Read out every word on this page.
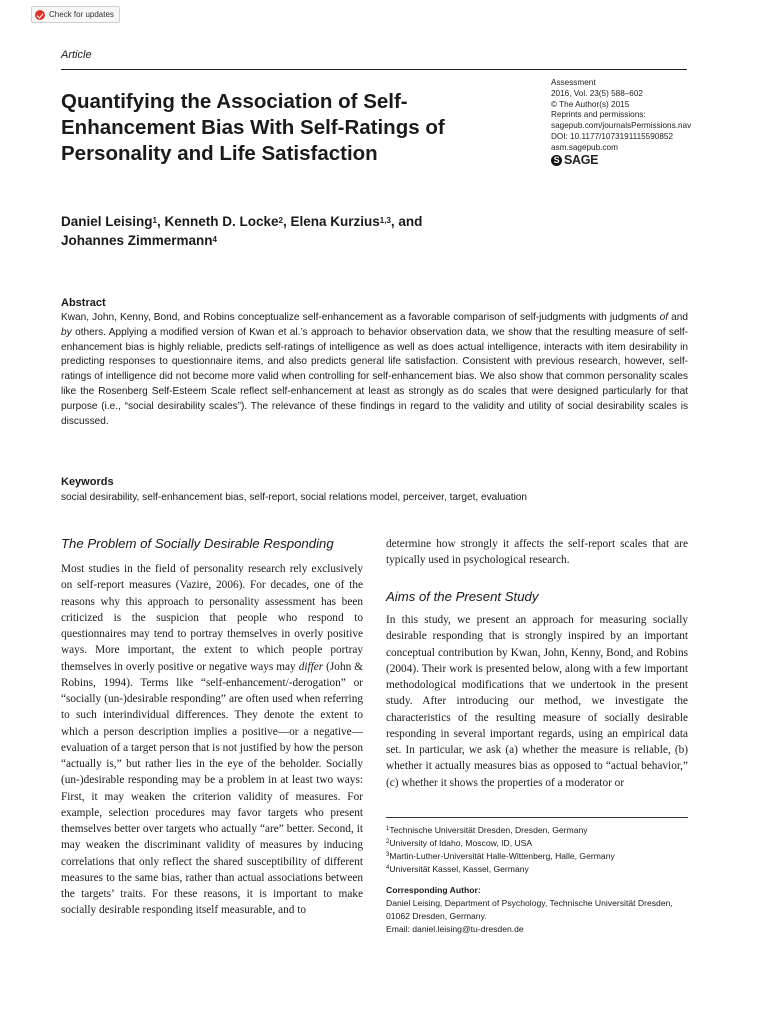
Check for updates
Article
Quantifying the Association of Self-Enhancement Bias With Self-Ratings of Personality and Life Satisfaction
Assessment
2016, Vol. 23(5) 588–602
© The Author(s) 2015
Reprints and permissions:
sagepub.com/journalsPermissions.nav
DOI: 10.1177/1073191115590852
asm.sagepub.com
S SAGE
Daniel Leising$^1$, Kenneth D. Locke$^2$, Elena Kurzius$^{1,3}$, and
Johannes Zimmermann$^4$
Abstract
Kwan, John, Kenny, Bond, and Robins conceptualize self-enhancement as a favorable comparison of self-judgments with judgments of and by others. Applying a modified version of Kwan et al.’s approach to behavior observation data, we show that the resulting measure of self-enhancement bias is highly reliable, predicts self-ratings of intelligence as well as does actual intelligence, interacts with item desirability in predicting responses to questionnaire items, and also predicts general life satisfaction. Consistent with previous research, however, self-ratings of intelligence did not become more valid when controlling for self-enhancement bias. We also show that common personality scales like the Rosenberg Self-Esteem Scale reflect self-enhancement at least as strongly as do scales that were designed particularly for that purpose (i.e., “social desirability scales”). The relevance of these findings in regard to the validity and utility of social desirability scales is discussed.
Keywords
social desirability, self-enhancement bias, self-report, social relations model, perceiver, target, evaluation
The Problem of Socially Desirable Responding

Most studies in the field of personality research rely exclusively on self-report measures (Vazire, 2006). For decades, one of the reasons why this approach to personality assessment has been criticized is the suspicion that people who respond to questionnaires may tend to portray themselves in overly positive ways. More important, the extent to which people portray themselves in overly positive or negative ways may differ (John & Robins, 1994). Terms like “self-enhancement/-derogation” or “socially (un-)desirable responding” are often used when referring to such interindividual differences. They denote the extent to which a person description implies a positive—or a negative—evaluation of a target person that is not justified by how the person “actually is,” but rather lies in the eye of the beholder. Socially (un-)desirable responding may be a problem in at least two ways: First, it may weaken the criterion validity of measures. For example, selection procedures may favor targets who present themselves better over targets who actually “are” better. Second, it may weaken the discriminant validity of measures by inducing correlations that only reflect the shared susceptibility of different measures to the same bias, rather than actual associations between the targets’ traits. For these reasons, it is important to make socially desirable responding itself measurable, and to

determine how strongly it affects the self-report scales that are typically used in psychological research.
Aims of the Present Study
In this study, we present an approach for measuring socially desirable responding that is strongly inspired by an important conceptual contribution by Kwan, John, Kenny, Bond, and Robins (2004). Their work is presented below, along with a few important methodological modifications that we undertook in the present study. After introducing our method, we investigate the characteristics of the resulting measure of socially desirable responding in several important regards, using an empirical data set. In particular, we ask (a) whether the measure is reliable, (b) whether it actually measures bias as opposed to “actual behavior,” (c) whether it shows the properties of a moderator or
$^1$Technische Universität Dresden, Dresden, Germany
$^2$University of Idaho, Moscow, ID, USA
$^3$Martin-Luther-Universität Halle-Wittenberg, Halle, Germany
$^4$Universität Kassel, Kassel, Germany
Corresponding Author:
Daniel Leising, Department of Psychology, Technische Universität Dresden, 01062 Dresden, Germany.
Email: daniel.leising@tu-dresden.de
